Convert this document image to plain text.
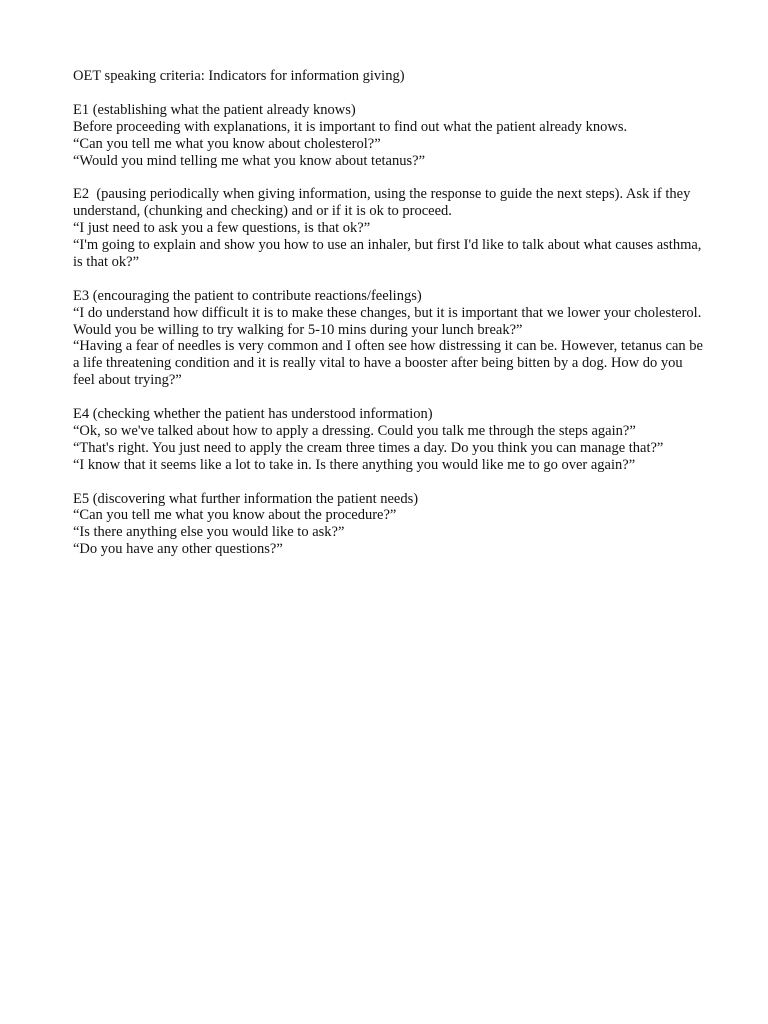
OET speaking criteria: Indicators for information giving)

E1 (establishing what the patient already knows)
Before proceeding with explanations, it is important to find out what the patient already knows.
“Can you tell me what you know about cholesterol?”
“Would you mind telling me what you know about tetanus?”
E2  (pausing periodically when giving information, using the response to guide the next steps). Ask if they understand, (chunking and checking) and or if it is ok to proceed.
“I just need to ask you a few questions, is that ok?”
“I'm going to explain and show you how to use an inhaler, but first I'd like to talk about what causes asthma, is that ok?”
E3 (encouraging the patient to contribute reactions/feelings)
“I do understand how difficult it is to make these changes, but it is important that we lower your cholesterol. Would you be willing to try walking for 5-10 mins during your lunch break?”
“Having a fear of needles is very common and I often see how distressing it can be. However, tetanus can be a life threatening condition and it is really vital to have a booster after being bitten by a dog. How do you feel about trying?”
E4 (checking whether the patient has understood information)
“Ok, so we've talked about how to apply a dressing. Could you talk me through the steps again?”
“That's right. You just need to apply the cream three times a day. Do you think you can manage that?”
“I know that it seems like a lot to take in. Is there anything you would like me to go over again?”
E5 (discovering what further information the patient needs)
“Can you tell me what you know about the procedure?”
“Is there anything else you would like to ask?”
“Do you have any other questions?”
